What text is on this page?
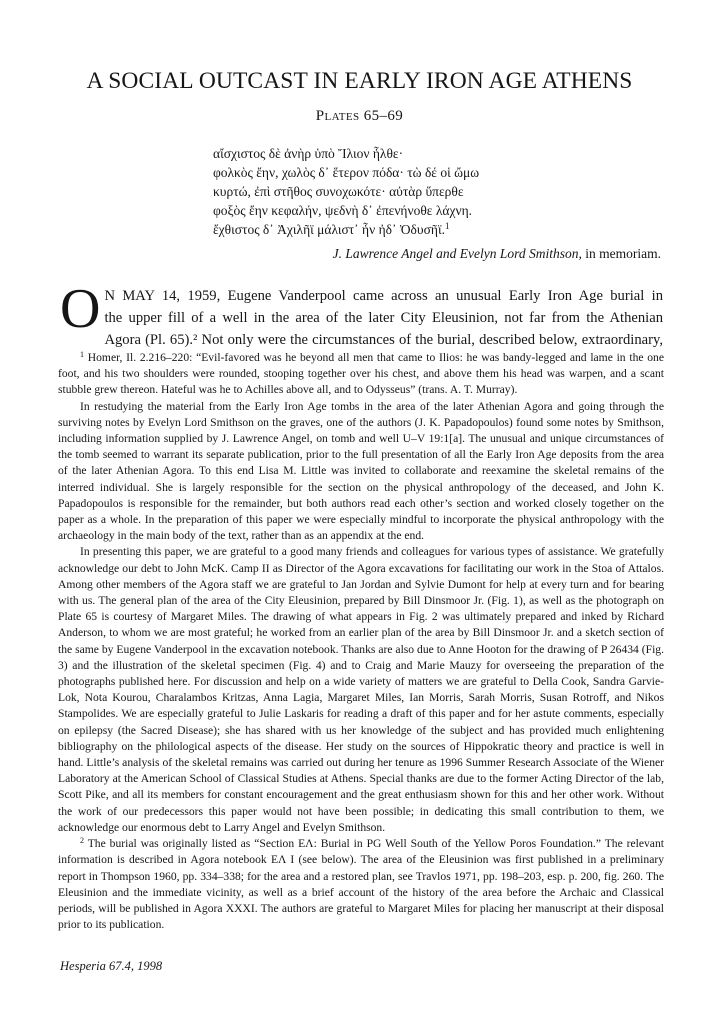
A SOCIAL OUTCAST IN EARLY IRON AGE ATHENS
Plates 65–69
αἴσχιστος δὲ ἀνὴρ ὑπὸ Ἴλιον ἦλθε·
φολκὸς ἔην, χωλὸς δ᾽ ἕτερον πόδα· τὼ δέ οἱ ὤμω
κυρτώ, ἐπὶ στῆθος συνοχωκότε· αὐτὰρ ὕπερθε
φοξὸς ἔην κεφαλήν, ψεδνὴ δ᾽ ἐπενήνοθε λάχνη.
ἔχθιστος δ᾽ Ἀχιλῆϊ μάλιστ᾽ ἦν ἠδ᾽ Ὀδυσῆϊ.$^1$
J. Lawrence Angel and Evelyn Lord Smithson, in memoriam.
O N MAY 14, 1959, Eugene Vanderpool came across an unusual Early Iron Age burial in
the upper fill of a well in the area of the later City Eleusinion, not far from the Athenian
Agora (Pl. 65).² Not only were the circumstances of the burial, described below, extraordinary,

$^1$ Homer, Il. 2.216–220: “Evil-favored was he beyond all men that came to Ilios: he was bandy-legged and lame in the one foot, and his two shoulders were rounded, stooping together over his chest, and above them his head was warpen, and a scant stubble grew thereon. Hateful was he to Achilles above all, and to Odysseus” (trans. A. T. Murray).

In restudying the material from the Early Iron Age tombs in the area of the later Athenian Agora and going through the surviving notes by Evelyn Lord Smithson on the graves, one of the authors (J. K. Papadopoulos) found some notes by Smithson, including information supplied by J. Lawrence Angel, on tomb and well U–V 19:1[a]. The unusual and unique circumstances of the tomb seemed to warrant its separate publication, prior to the full presentation of all the Early Iron Age deposits from the area of the later Athenian Agora. To this end Lisa M. Little was invited to collaborate and reexamine the skeletal remains of the interred individual. She is largely responsible for the section on the physical anthropology of the deceased, and John K. Papadopoulos is responsible for the remainder, but both authors read each other’s section and worked closely together on the paper as a whole. In the preparation of this paper we were especially mindful to incorporate the physical anthropology with the archaeology in the main body of the text, rather than as an appendix at the end.

In presenting this paper, we are grateful to a good many friends and colleagues for various types of assistance. We gratefully acknowledge our debt to John McK. Camp II as Director of the Agora excavations for facilitating our work in the Stoa of Attalos. Among other members of the Agora staff we are grateful to Jan Jordan and Sylvie Dumont for help at every turn and for bearing with us. The general plan of the area of the City Eleusinion, prepared by Bill Dinsmoor Jr. (Fig. 1), as well as the photograph on Plate 65 is courtesy of Margaret Miles. The drawing of what appears in Fig. 2 was ultimately prepared and inked by Richard Anderson, to whom we are most grateful; he worked from an earlier plan of the area by Bill Dinsmoor Jr. and a sketch section of the same by Eugene Vanderpool in the excavation notebook. Thanks are also due to Anne Hooton for the drawing of P 26434 (Fig. 3) and the illustration of the skeletal specimen (Fig. 4) and to Craig and Marie Mauzy for overseeing the preparation of the photographs published here. For discussion and help on a wide variety of matters we are grateful to Della Cook, Sandra Garvie-Lok, Nota Kourou, Charalambos Kritzas, Anna Lagia, Margaret Miles, Ian Morris, Sarah Morris, Susan Rotroff, and Nikos Stampolides. We are especially grateful to Julie Laskaris for reading a draft of this paper and for her astute comments, especially on epilepsy (the Sacred Disease); she has shared with us her knowledge of the subject and has provided much enlightening bibliography on the philological aspects of the disease. Her study on the sources of Hippokratic theory and practice is well in hand. Little’s analysis of the skeletal remains was carried out during her tenure as 1996 Summer Research Associate of the Wiener Laboratory at the American School of Classical Studies at Athens. Special thanks are due to the former Acting Director of the lab, Scott Pike, and all its members for constant encouragement and the great enthusiasm shown for this and her other work. Without the work of our predecessors this paper would not have been possible; in dedicating this small contribution to them, we acknowledge our enormous debt to Larry Angel and Evelyn Smithson.

$^2$ The burial was originally listed as “Section ΕΛ: Burial in PG Well South of the Yellow Poros Foundation.” The relevant information is described in Agora notebook ΕΛ I (see below). The area of the Eleusinion was first published in a preliminary report in Thompson 1960, pp. 334–338; for the area and a restored plan, see Travlos 1971, pp. 198–203, esp. p. 200, fig. 260. The Eleusinion and the immediate vicinity, as well as a brief account of the history of the area before the Archaic and Classical periods, will be published in Agora XXXI. The authors are grateful to Margaret Miles for placing her manuscript at their disposal prior to its publication.

Hesperia 67.4, 1998
